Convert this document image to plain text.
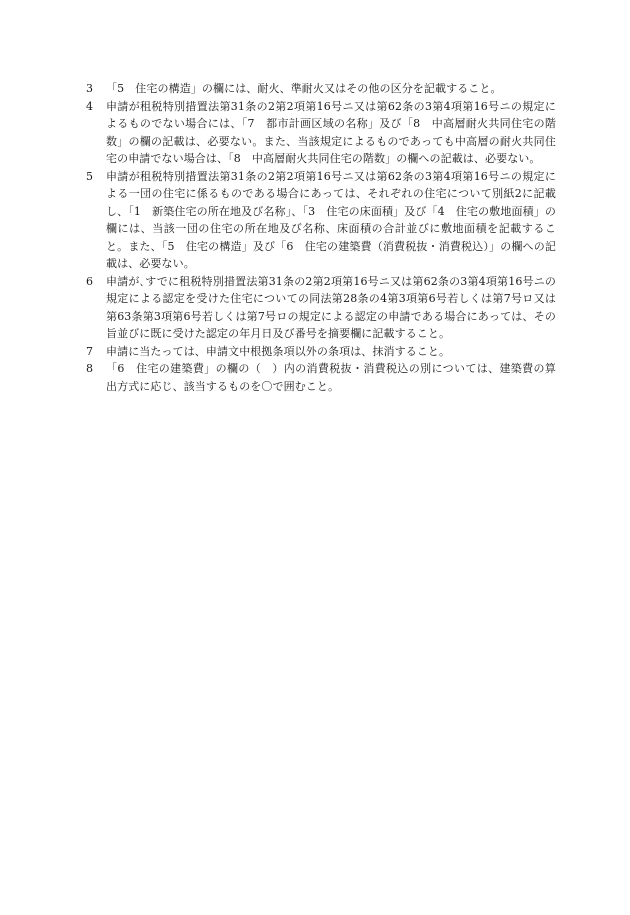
3	「5　住宅の構造」の欄には、耐火、準耐火又はその他の区分を記載すること。
4	申請が租税特別措置法第31条の2第2項第16号ニ又は第62条の3第4項第16号ニの規定によるものでない場合には、「7　都市計画区域の名称」及び「8　中高層耐火共同住宅の階数」の欄の記載は、必要ない。また、当該規定によるものであっても中高層の耐火共同住宅の申請でない場合は、「8　中高層耐火共同住宅の階数」の欄への記載は、必要ない。
5	申請が租税特別措置法第31条の2第2項第16号ニ又は第62条の3第4項第16号ニの規定による一団の住宅に係るものである場合にあっては、それぞれの住宅について別紙2に記載し、「1　新築住宅の所在地及び名称」、「3　住宅の床面積」及び「4　住宅の敷地面積」の欄には、当該一団の住宅の所在地及び名称、床面積の合計並びに敷地面積を記載すること。また、「5　住宅の構造」及び「6　住宅の建築費（消費税抜・消費税込）」の欄への記載は、必要ない。
6	申請が､すでに租税特別措置法第31条の2第2項第16号ニ又は第62条の3第4項第16号ニの規定による認定を受けた住宅についての同法第28条の4第3項第6号若しくは第7号ロ又は第63条第3項第6号若しくは第7号ロの規定による認定の申請である場合にあっては、その旨並びに既に受けた認定の年月日及び番号を摘要欄に記載すること。
7	申請に当たっては、申請文中根拠条項以外の条項は、抹消すること。
8	「6　住宅の建築費」の欄の（　）内の消費税抜・消費税込の別については、建築費の算出方式に応じ、該当するものを〇で囲むこと。
